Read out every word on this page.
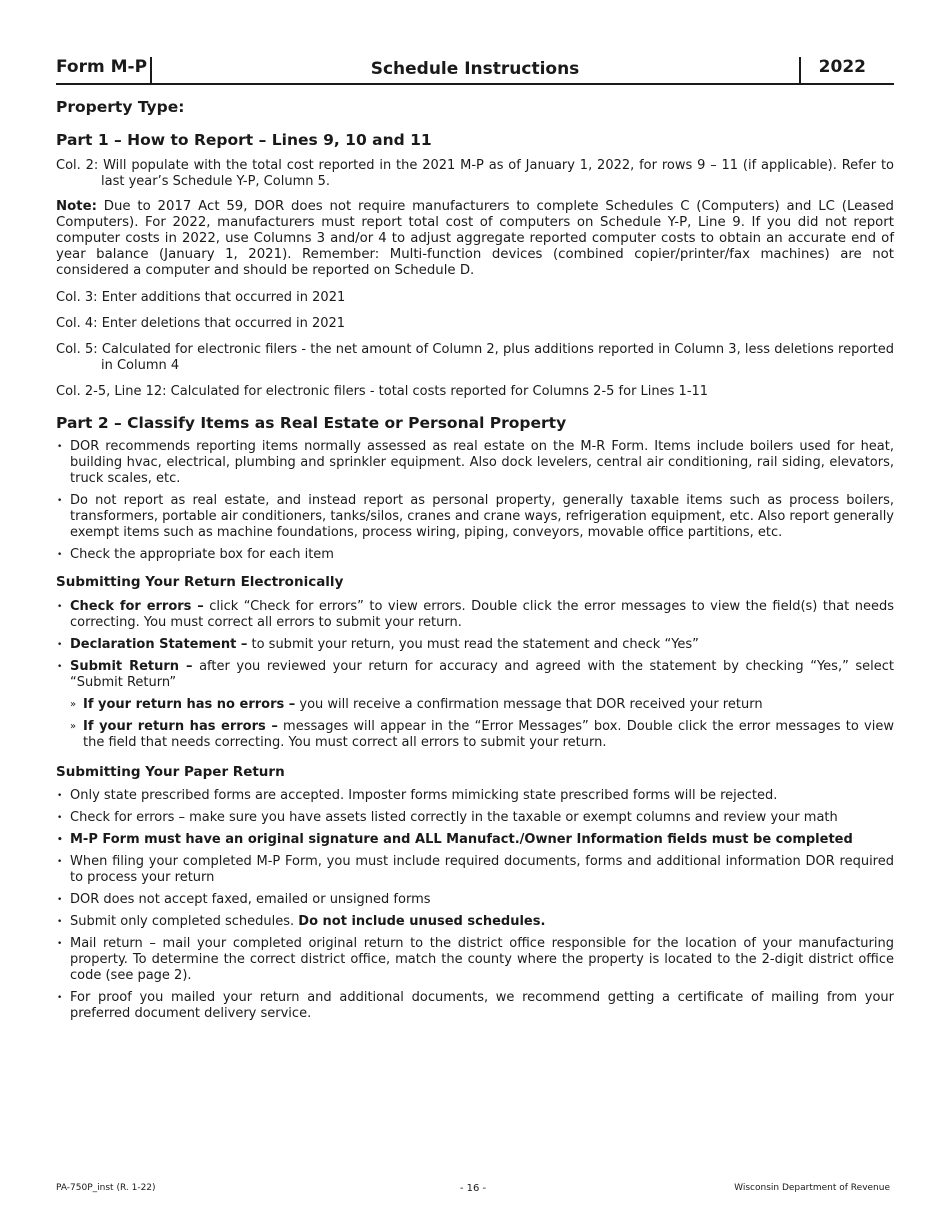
Form M-P	Schedule Instructions	2022
Property Type:
Part 1 – How to Report – Lines 9, 10 and 11

Col. 2: Will populate with the total cost reported in the 2021 M-P as of January 1, 2022, for rows 9 – 11 (if applicable). Refer to last year’s Schedule Y-P, Column 5.

Note: Due to 2017 Act 59, DOR does not require manufacturers to complete Schedules C (Computers) and LC (Leased Computers). For 2022, manufacturers must report total cost of computers on Schedule Y-P, Line 9. If you did not report computer costs in 2022, use Columns 3 and/or 4 to adjust aggregate reported computer costs to obtain an accurate end of year balance (January 1, 2021). Remember: Multi-function devices (combined copier/printer/fax machines) are not considered a computer and should be reported on Schedule D.

Col. 3: Enter additions that occurred in 2021

Col. 4: Enter deletions that occurred in 2021

Col. 5: Calculated for electronic filers - the net amount of Column 2, plus additions reported in Column 3, less deletions reported in Column 4

Col. 2-5, Line 12: Calculated for electronic filers - total costs reported for Columns 2-5 for Lines 1-11

Part 2 – Classify Items as Real Estate or Personal Property
• DOR recommends reporting items normally assessed as real estate on the M-R Form. Items include boilers used for heat, building hvac, electrical, plumbing and sprinkler equipment. Also dock levelers, central air conditioning, rail siding, elevators, truck scales, etc.
• Do not report as real estate, and instead report as personal property, generally taxable items such as process boilers, transformers, portable air conditioners, tanks/silos, cranes and crane ways, refrigeration equipment, etc. Also report generally exempt items such as machine foundations, process wiring, piping, conveyors, movable office partitions, etc.
• Check the appropriate box for each item
Submitting Your Return Electronically
• Check for errors – click “Check for errors” to view errors. Double click the error messages to view the field(s) that needs correcting. You must correct all errors to submit your return.
• Declaration Statement – to submit your return, you must read the statement and check “Yes”
• Submit Return – after you reviewed your return for accuracy and agreed with the statement by checking “Yes,” select “Submit Return”
» If your return has no errors – you will receive a confirmation message that DOR received your return
» If your return has errors – messages will appear in the “Error Messages” box. Double click the error messages to view the field that needs correcting. You must correct all errors to submit your return.
Submitting Your Paper Return
• Only state prescribed forms are accepted. Imposter forms mimicking state prescribed forms will be rejected.
• Check for errors – make sure you have assets listed correctly in the taxable or exempt columns and review your math
• M-P Form must have an original signature and ALL Manufact./Owner Information fields must be completed
• When filing your completed M-P Form, you must include required documents, forms and additional information DOR required to process your return
• DOR does not accept faxed, emailed or unsigned forms
• Submit only completed schedules. Do not include unused schedules.
• Mail return – mail your completed original return to the district office responsible for the location of your manufacturing property. To determine the correct district office, match the county where the property is located to the 2-digit district office code (see page 2).
• For proof you mailed your return and additional documents, we recommend getting a certificate of mailing from your preferred document delivery service.
PA-750P_inst (R. 1-22)	- 16 -	Wisconsin Department of Revenue
